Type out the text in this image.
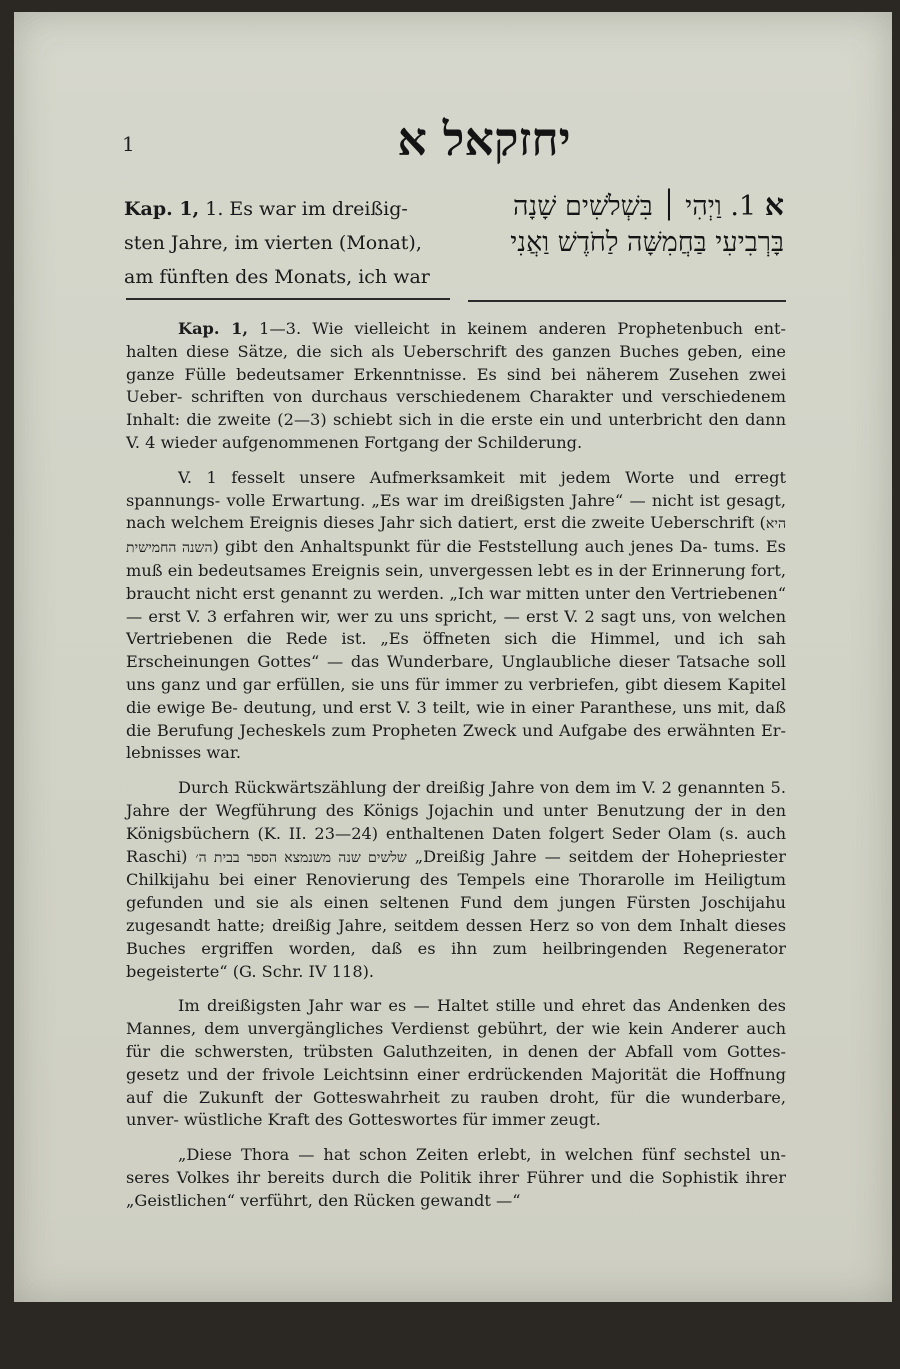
1	יחזקאל א
Kap. 1, 1. Es war im dreißig- sten Jahre, im vierten (Monat), am fünften des Monats, ich war
א 1. וַיְהִי ׀ בִּשְׁלֹשִׁים שָׁנָה בָּרְבִיעִי בַּחֲמִשָּׁה לַחֹדֶשׁ וַאֲנִי

Kap. 1, 1—3. Wie vielleicht in keinem anderen Prophetenbuch ent- halten diese Sätze, die sich als Ueberschrift des ganzen Buches geben, eine ganze Fülle bedeutsamer Erkenntnisse. Es sind bei näherem Zusehen zwei Ueber- schriften von durchaus verschiedenem Charakter und verschiedenem Inhalt: die zweite (2—3) schiebt sich in die erste ein und unterbricht den dann V. 4 wieder aufgenommenen Fortgang der Schilderung.

V. 1 fesselt unsere Aufmerksamkeit mit jedem Worte und erregt spannungs- volle Erwartung. „Es war im dreißigsten Jahre“ — nicht ist gesagt, nach welchem Ereignis dieses Jahr sich datiert, erst die zweite Ueberschrift (היא השנה החמישית) gibt den Anhaltspunkt für die Feststellung auch jenes Da- tums. Es muß ein bedeutsames Ereignis sein, unvergessen lebt es in der Erinnerung fort, braucht nicht erst genannt zu werden. „Ich war mitten unter den Vertriebenen“ — erst V. 3 erfahren wir, wer zu uns spricht, — erst V. 2 sagt uns, von welchen Vertriebenen die Rede ist. „Es öffneten sich die Himmel, und ich sah Erscheinungen Gottes“ — das Wunderbare, Unglaubliche dieser Tatsache soll uns ganz und gar erfüllen, sie uns für immer zu verbriefen, gibt diesem Kapitel die ewige Be- deutung, und erst V. 3 teilt, wie in einer Paranthese, uns mit, daß die Berufung Jecheskels zum Propheten Zweck und Aufgabe des erwähnten Er- lebnisses war.

Durch Rückwärtszählung der dreißig Jahre von dem im V. 2 genannten 5. Jahre der Wegführung des Königs Jojachin und unter Benutzung der in den Königsbüchern (K. II. 23—24) enthaltenen Daten folgert Seder Olam (s. auch Raschi) שלשים שנה משנמצא הספר בבית ה׳ „Dreißig Jahre — seitdem der Hohepriester Chilkijahu bei einer Renovierung des Tempels eine Thorarolle im Heiligtum gefunden und sie als einen seltenen Fund dem jungen Fürsten Joschijahu zugesandt hatte; dreißig Jahre, seitdem dessen Herz so von dem Inhalt dieses Buches ergriffen worden, daß es ihn zum heilbringenden Regenerator begeisterte“ (G. Schr. IV 118).

Im dreißigsten Jahr war es — Haltet stille und ehret das Andenken des Mannes, dem unvergängliches Verdienst gebührt, der wie kein Anderer auch für die schwersten, trübsten Galuthzeiten, in denen der Abfall vom Gottes- gesetz und der frivole Leichtsinn einer erdrückenden Majorität die Hoffnung auf die Zukunft der Gotteswahrheit zu rauben droht, für die wunderbare, unver- wüstliche Kraft des Gotteswortes für immer zeugt.

„Diese Thora — hat schon Zeiten erlebt, in welchen fünf sechstel un- seres Volkes ihr bereits durch die Politik ihrer Führer und die Sophistik ihrer „Geistlichen“ verführt, den Rücken gewandt —“
